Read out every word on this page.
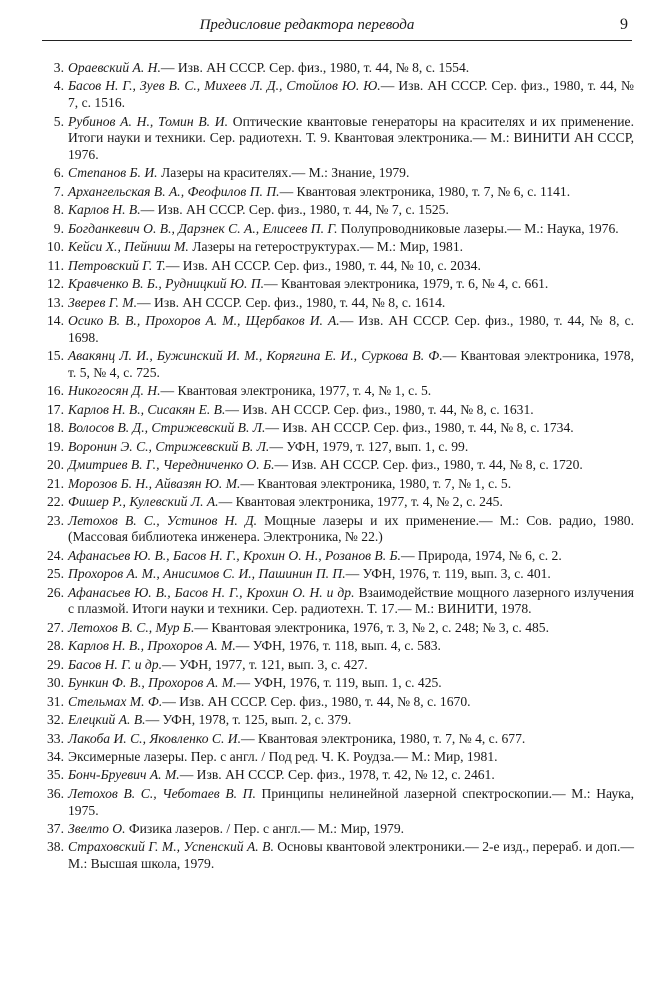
Предисловие редактора перевода	9
3. Ораевский А. Н.— Изв. АН СССР. Сер. физ., 1980, т. 44, № 8, с. 1554.
4. Басов Н. Г., Зуев В. С., Михеев Л. Д., Стойлов Ю. Ю.— Изв. АН СССР. Сер. физ., 1980, т. 44, № 7, с. 1516.
5. Рубинов А. Н., Томин В. И. Оптические квантовые генераторы на красителях и их применение. Итоги науки и техники. Сер. радиотехн. Т. 9. Квантовая электроника.— М.: ВИНИТИ АН СССР, 1976.
6. Степанов Б. И. Лазеры на красителях.— М.: Знание, 1979.
7. Архангельская В. А., Феофилов П. П.— Квантовая электроника, 1980, т. 7, № 6, с. 1141.
8. Карлов Н. В.— Изв. АН СССР. Сер. физ., 1980, т. 44, № 7, с. 1525.
9. Богданкевич О. В., Дарзнек С. А., Елисеев П. Г. Полупроводниковые лазеры.— М.: Наука, 1976.
10. Кейси X., Пейниш М. Лазеры на гетероструктурах.— М.: Мир, 1981.
11. Петровский Г. Т.— Изв. АН СССР. Сер. физ., 1980, т. 44, № 10, с. 2034.
12. Кравченко В. Б., Рудницкий Ю. П.— Квантовая электроника, 1979, т. 6, № 4, с. 661.
13. Зверев Г. М.— Изв. АН СССР. Сер. физ., 1980, т. 44, № 8, с. 1614.
14. Осико В. В., Прохоров А. М., Щербаков И. А.— Изв. АН СССР. Сер. физ., 1980, т. 44, № 8, с. 1698.
15. Авакянц Л. И., Бужинский И. М., Корягина Е. И., Суркова В. Ф.— Квантовая электроника, 1978, т. 5, № 4, с. 725.
16. Никогосян Д. Н.— Квантовая электроника, 1977, т. 4, № 1, с. 5.
17. Карлов Н. В., Сисакян Е. В.— Изв. АН СССР. Сер. физ., 1980, т. 44, № 8, с. 1631.
18. Волосов В. Д., Стрижевский В. Л.— Изв. АН СССР. Сер. физ., 1980, т. 44, № 8, с. 1734.
19. Воронин Э. С., Стрижевский В. Л.— УФН, 1979, т. 127, вып. 1, с. 99.
20. Дмитриев В. Г., Чередниченко О. Б.— Изв. АН СССР. Сер. физ., 1980, т. 44, № 8, с. 1720.
21. Морозов Б. Н., Айвазян Ю. М.— Квантовая электроника, 1980, т. 7, № 1, с. 5.
22. Фишер Р., Кулевский Л. А.— Квантовая электроника, 1977, т. 4, № 2, с. 245.
23. Летохов В. С., Устинов Н. Д. Мощные лазеры и их применение.— М.: Сов. радио, 1980. (Массовая библиотека инженера. Электроника, № 22.)
24. Афанасьев Ю. В., Басов Н. Г., Крохин О. Н., Розанов В. Б.— Природа, 1974, № 6, с. 2.
25. Прохоров А. М., Анисимов С. И., Пашинин П. П.— УФН, 1976, т. 119, вып. 3, с. 401.
26. Афанасьев Ю. В., Басов Н. Г., Крохин О. Н. и др. Взаимодействие мощного лазерного излучения с плазмой. Итоги науки и техники. Сер. радиотехн. Т. 17.— М.: ВИНИТИ, 1978.
27. Летохов В. С., Мур Б.— Квантовая электроника, 1976, т. 3, № 2, с. 248; № 3, с. 485.
28. Карлов Н. В., Прохоров А. М.— УФН, 1976, т. 118, вып. 4, с. 583.
29. Басов Н. Г. и др.— УФН, 1977, т. 121, вып. 3, с. 427.
30. Бункин Ф. В., Прохоров А. М.— УФН, 1976, т. 119, вып. 1, с. 425.
31. Стельмах М. Ф.— Изв. АН СССР. Сер. физ., 1980, т. 44, № 8, с. 1670.
32. Елецкий А. В.— УФН, 1978, т. 125, вып. 2, с. 379.
33. Лакоба И. С., Яковленко С. И.— Квантовая электроника, 1980, т. 7, № 4, с. 677.
34. Эксимерные лазеры. Пер. с англ. / Под ред. Ч. К. Роудза.— М.: Мир, 1981.
35. Бонч-Бруевич А. М.— Изв. АН СССР. Сер. физ., 1978, т. 42, № 12, с. 2461.
36. Летохов В. С., Чеботаев В. П. Принципы нелинейной лазерной спектроскопии.— М.: Наука, 1975.
37. Звелто О. Физика лазеров. / Пер. с англ.— М.: Мир, 1979.
38. Страховский Г. М., Успенский А. В. Основы квантовой электроники.— 2-е изд., перераб. и доп.— М.: Высшая школа, 1979.
